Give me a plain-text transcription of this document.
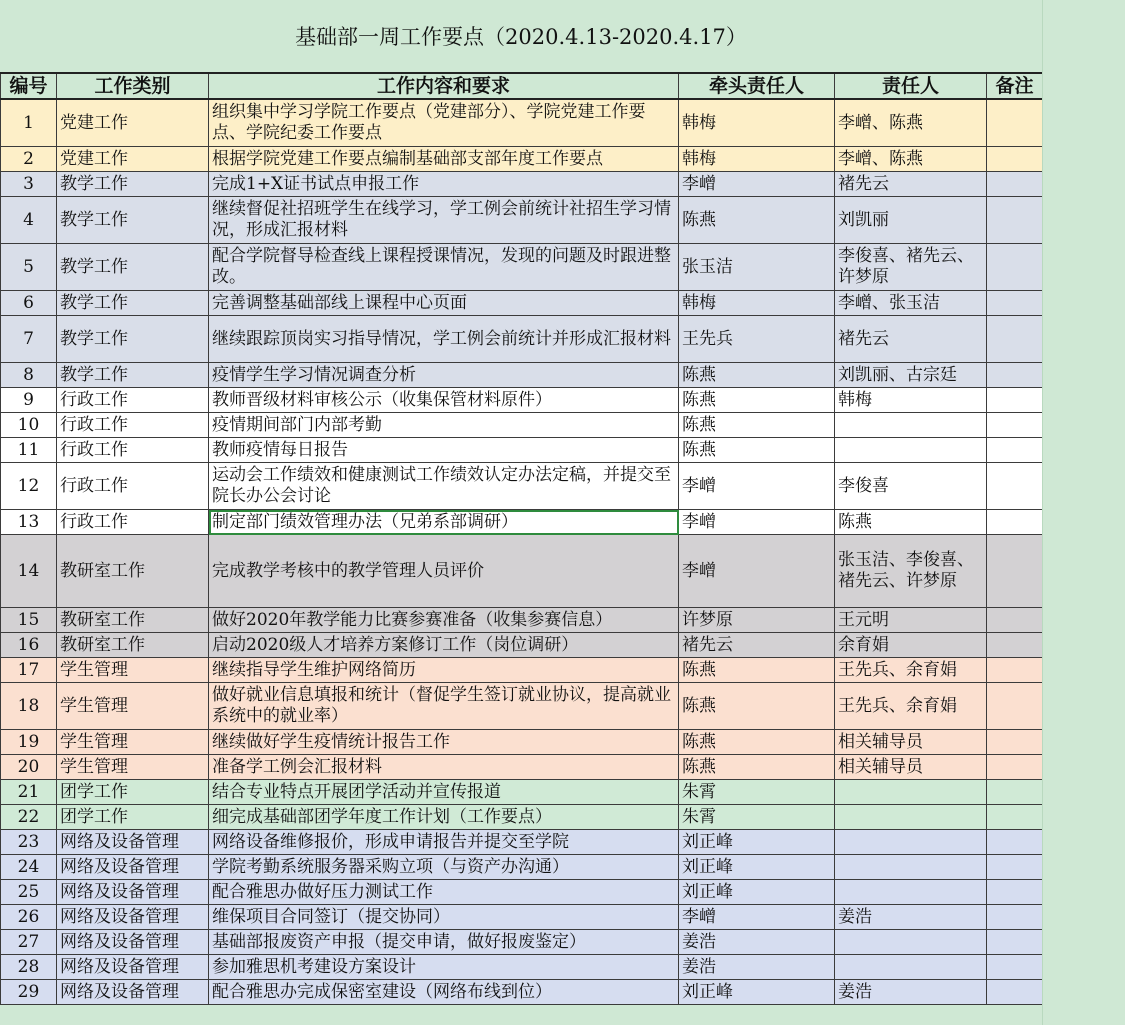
基础部一周工作要点（2020.4.13-2020.4.17）
编号	工作类别	工作内容和要求	牵头责任人	责任人	备注
1	党建工作	组织集中学习学院工作要点（党建部分）、学院党建工作要点、学院纪委工作要点	韩梅	李嶒、陈燕	
2	党建工作	根据学院党建工作要点编制基础部支部年度工作要点	韩梅	李嶒、陈燕	
3	教学工作	完成1+X证书试点申报工作	李嶒	褚先云	
4	教学工作	继续督促社招班学生在线学习，学工例会前统计社招生学习情况，形成汇报材料	陈燕	刘凯丽	
5	教学工作	配合学院督导检查线上课程授课情况，发现的问题及时跟进整改。	张玉洁	李俊喜、褚先云、许梦原	
6	教学工作	完善调整基础部线上课程中心页面	韩梅	李嶒、张玉洁	
7	教学工作	继续跟踪顶岗实习指导情况，学工例会前统计并形成汇报材料	王先兵	褚先云	
8	教学工作	疫情学生学习情况调查分析	陈燕	刘凯丽、古宗廷	
9	行政工作	教师晋级材料审核公示（收集保管材料原件）	陈燕	韩梅	
10	行政工作	疫情期间部门内部考勤	陈燕		
11	行政工作	教师疫情每日报告	陈燕		
12	行政工作	运动会工作绩效和健康测试工作绩效认定办法定稿，并提交至院长办公会讨论	李嶒	李俊喜	
13	行政工作	制定部门绩效管理办法（兄弟系部调研）	李嶒	陈燕	
14	教研室工作	完成教学考核中的教学管理人员评价	李嶒	张玉洁、李俊喜、褚先云、许梦原	
15	教研室工作	做好2020年教学能力比赛参赛准备（收集参赛信息）	许梦原	王元明	
16	教研室工作	启动2020级人才培养方案修订工作（岗位调研）	褚先云	余育娟	
17	学生管理	继续指导学生维护网络简历	陈燕	王先兵、余育娟	
18	学生管理	做好就业信息填报和统计（督促学生签订就业协议，提高就业系统中的就业率）	陈燕	王先兵、余育娟	
19	学生管理	继续做好学生疫情统计报告工作	陈燕	相关辅导员	
20	学生管理	准备学工例会汇报材料	陈燕	相关辅导员	
21	团学工作	结合专业特点开展团学活动并宣传报道	朱霄		
22	团学工作	细完成基础部团学年度工作计划（工作要点）	朱霄		
23	网络及设备管理	网络设备维修报价，形成申请报告并提交至学院	刘正峰		
24	网络及设备管理	学院考勤系统服务器采购立项（与资产办沟通）	刘正峰		
25	网络及设备管理	配合雅思办做好压力测试工作	刘正峰		
26	网络及设备管理	维保项目合同签订（提交协同）	李嶒	姜浩	
27	网络及设备管理	基础部报废资产申报（提交申请，做好报废鉴定）	姜浩		
28	网络及设备管理	参加雅思机考建设方案设计	姜浩		
29	网络及设备管理	配合雅思办完成保密室建设（网络布线到位）	刘正峰	姜浩	
